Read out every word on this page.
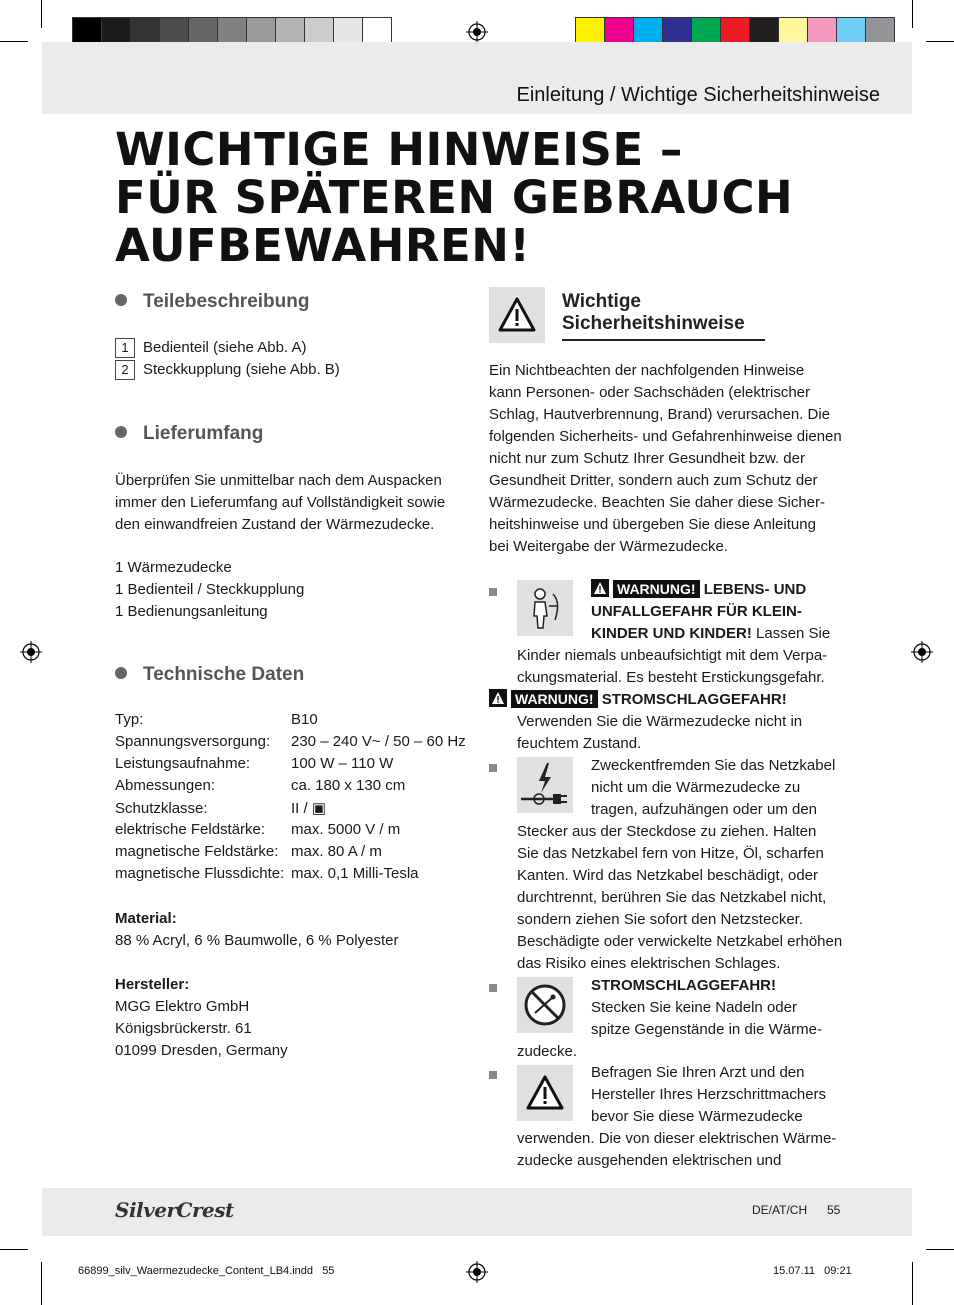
Einleitung / Wichtige Sicherheitshinweise
WICHTIGE HINWEISE –
FÜR SPÄTEREN GEBRAUCH
AUFBEWAHREN!
Teilebeschreibung
1 Bedienteil (siehe Abb. A)
2 Steckkupplung (siehe Abb. B)
Lieferumfang
Überprüfen Sie unmittelbar nach dem Auspacken
immer den Lieferumfang auf Vollständigkeit sowie
den einwandfreien Zustand der Wärmezudecke.
1 Wärmezudecke
1 Bedienteil / Steckkupplung
1 Bedienungsanleitung
Technische Daten
Typ:	B10
Spannungsversorgung: 230 – 240 V~ / 50 – 60 Hz
Leistungsaufnahme:	100 W – 110 W
Abmessungen:	ca. 180 x 130 cm
Schutzklasse:	II / ▣
elektrische Feldstärke: max. 5000 V / m
magnetische Feldstärke: max. 80 A / m
magnetische Flussdichte: max. 0,1 Milli-Tesla
Material:
88 % Acryl, 6 % Baumwolle, 6 % Polyester
Hersteller:
MGG Elektro GmbH
Königsbrückerstr. 61
01099 Dresden, Germany
Wichtige
Sicherheitshinweise
Ein Nichtbeachten der nachfolgenden Hinweise
kann Personen- oder Sachschäden (elektrischer
Schlag, Hautverbrennung, Brand) verursachen. Die
folgenden Sicherheits- und Gefahrenhinweise dienen
nicht nur zum Schutz Ihrer Gesundheit bzw. der
Gesundheit Dritter, sondern auch zum Schutz der
Wärmezudecke. Beachten Sie daher diese Sicher-
heitshinweise und übergeben Sie diese Anleitung
bei Weitergabe der Wärmezudecke.
WARNUNG! LEBENS- UND
UNFALLGEFAHR FÜR KLEIN-
KINDER UND KINDER! Lassen Sie
Kinder niemals unbeaufsichtigt mit dem Verpa-
ckungsmaterial. Es besteht Erstickungsgefahr.
WARNUNG! STROMSCHLAGGEFAHR!
Verwenden Sie die Wärmezudecke nicht in
feuchtem Zustand.
Zweckentfremden Sie das Netzkabel
nicht um die Wärmezudecke zu
tragen, aufzuhängen oder um den
Stecker aus der Steckdose zu ziehen. Halten
Sie das Netzkabel fern von Hitze, Öl, scharfen
Kanten. Wird das Netzkabel beschädigt, oder
durchtrennt, berühren Sie das Netzkabel nicht,
sondern ziehen Sie sofort den Netzstecker.
Beschädigte oder verwickelte Netzkabel erhöhen
das Risiko eines elektrischen Schlages.
STROMSCHLAGGEFAHR!
Stecken Sie keine Nadeln oder
spitze Gegenstände in die Wärme-
zudecke.
Befragen Sie Ihren Arzt und den
Hersteller Ihres Herzschrittmachers
bevor Sie diese Wärmezudecke
verwenden. Die von dieser elektrischen Wärme-
zudecke ausgehenden elektrischen und
SilverCrest	DE/AT/CH 55
66899_silv_Waermezudecke_Content_LB4.indd   55	15.07.11   09:21
